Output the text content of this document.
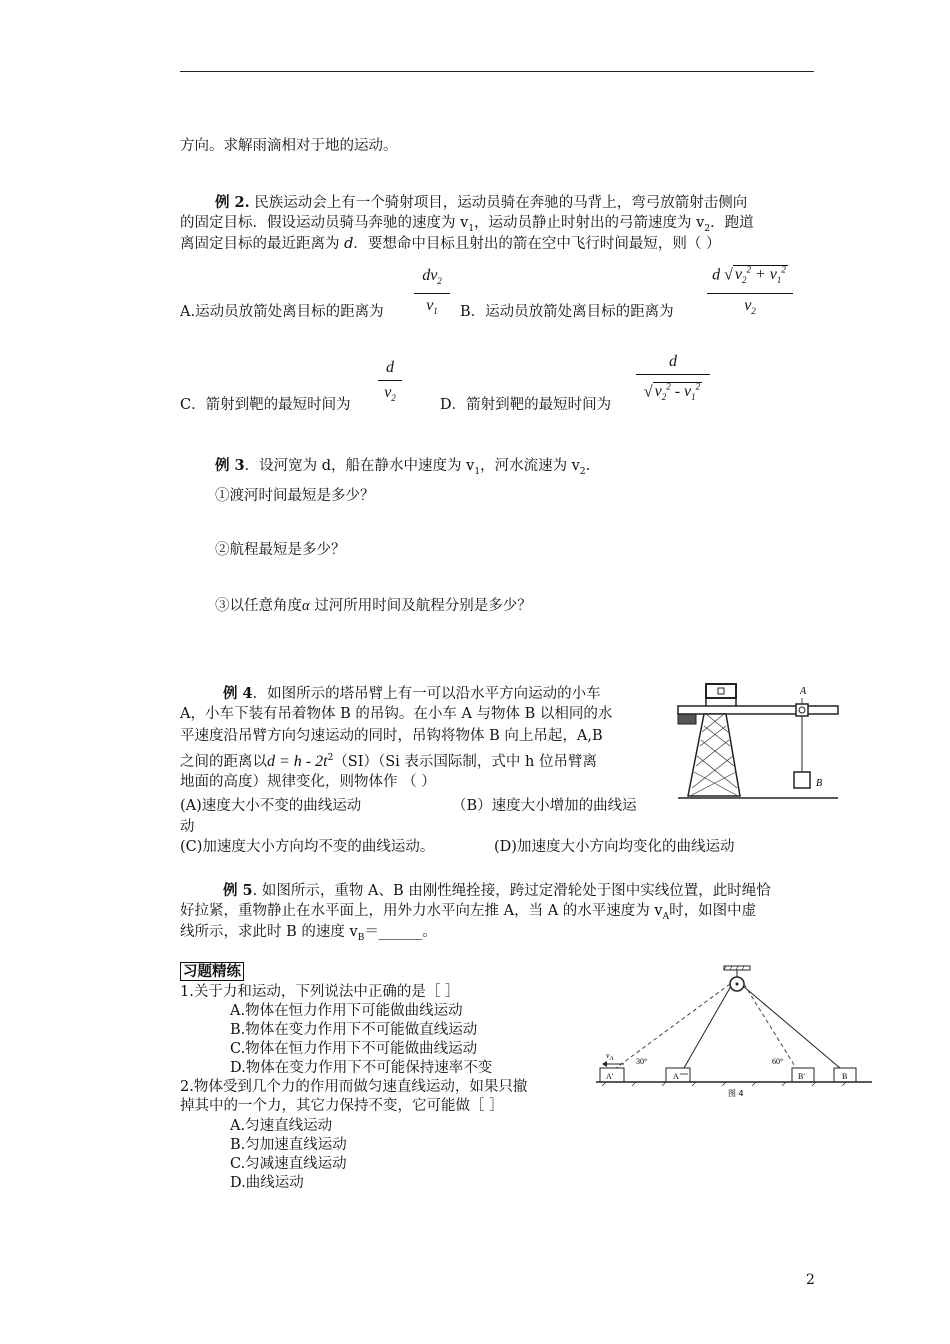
方向。求解雨滴相对于地的运动。
例 2. 民族运动会上有一个骑射项目，运动员骑在奔驰的马背上，弯弓放箭射击侧向
的固定目标．假设运动员骑马奔驰的速度为 $v_1$，运动员静止时射出的弓箭速度为 $v_2$．跑道
离固定目标的最近距离为 d．要想命中目标且射出的箭在空中飞行时间最短，则（ ）
A.运动员放箭处离目标的距离为
$dv_2$
$v_1$	B．运动员放箭处离目标的距离为
d √ $v_2^2 + v_1^2$
$v_2$
C．箭射到靶的最短时间为
d
$v_2$	D．箭射到靶的最短时间为
d
√ $v_2^2 - v_1^2$
例 3．设河宽为 d，船在静水中速度为 $v_1$，河水流速为 $v_2$.
①渡河时间最短是多少？
②航程最短是多少？
③以任意角度α 过河所用时间及航程分别是多少？
例 4．如图所示的塔吊臂上有一可以沿水平方向运动的小车
A，小车下装有吊着物体 B 的吊钩。在小车 A 与物体 B 以相同的水
平速度沿吊臂方向匀速运动的同时，吊钩将物体 B 向上吊起，A,B
之间的距离以$d = h - 2t^2(SI)(Si$ 表示国际制，式中 h 位吊臂离
地面的高度）规律变化，则物体作 （ ）
(A)速度大小不变的曲线运动	（B）速度大小增加的曲线运
动
(C)加速度大小方向均不变的曲线运动。	(D)加速度大小方向均变化的曲线运动
A
B
例 5. 如图所示，重物 A、B 由刚性绳拴接，跨过定滑轮处于图中实线位置，此时绳恰
好拉紧，重物静止在水平面上，用外力水平向左推 A，当 A 的水平速度为 $v_A$时，如图中虚
线所示，求此时 B 的速度 $v_B=\_\_\_\_\_\_$。
习题精练
1.关于力和运动，下列说法中正确的是［ ］
A.物体在恒力作用下可能做曲线运动
B.物体在变力作用下不可能做直线运动
C.物体在恒力作用下不可能做曲线运动
D.物体在变力作用下不可能保持速率不变
2.物体受到几个力的作用而做匀速直线运动，如果只撤
掉其中的一个力，其它力保持不变，它可能做［ ］
A.匀速直线运动
B.匀加速直线运动
C.匀减速直线运动
D.曲线运动
A'	A	B'	B
$v_A$	30°	60°
图 4
2
